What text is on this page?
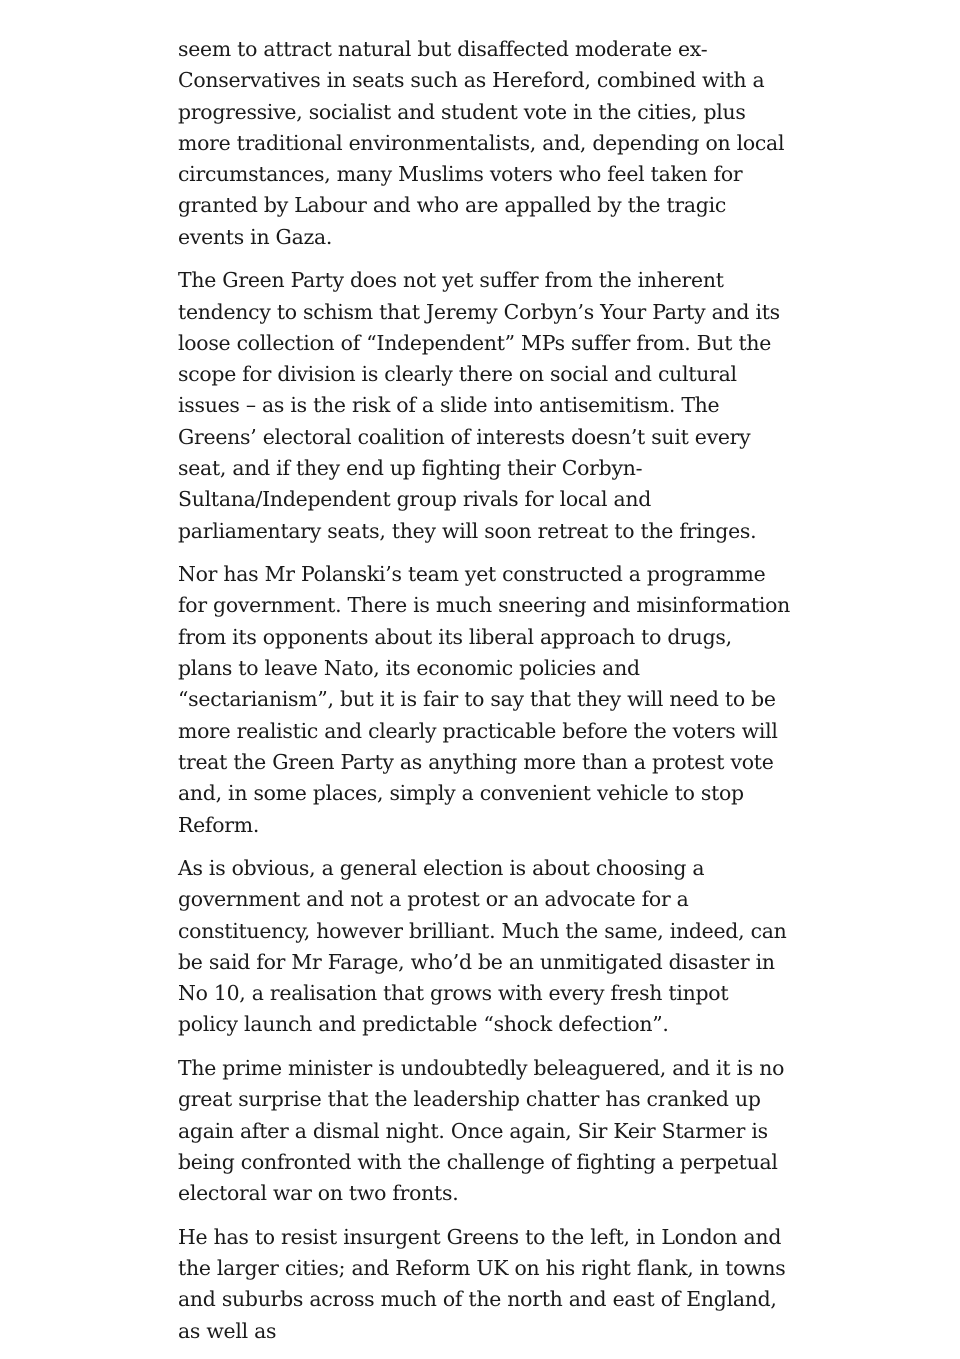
seem to attract natural but disaffected moderate ex-Conservatives in seats such as Hereford, combined with a progressive, socialist and student vote in the cities, plus more traditional environmentalists, and, depending on local circumstances, many Muslims voters who feel taken for granted by Labour and who are appalled by the tragic events in Gaza.

The Green Party does not yet suffer from the inherent tendency to schism that Jeremy Corbyn’s Your Party and its loose collection of “Independent” MPs suffer from. But the scope for division is clearly there on social and cultural issues – as is the risk of a slide into antisemitism. The Greens’ electoral coalition of interests doesn’t suit every seat, and if they end up fighting their Corbyn-Sultana/Independent group rivals for local and parliamentary seats, they will soon retreat to the fringes.

Nor has Mr Polanski’s team yet constructed a programme for government. There is much sneering and misinformation from its opponents about its liberal approach to drugs, plans to leave Nato, its economic policies and “sectarianism”, but it is fair to say that they will need to be more realistic and clearly practicable before the voters will treat the Green Party as anything more than a protest vote and, in some places, simply a convenient vehicle to stop Reform.

As is obvious, a general election is about choosing a government and not a protest or an advocate for a constituency, however brilliant. Much the same, indeed, can be said for Mr Farage, who’d be an unmitigated disaster in No 10, a realisation that grows with every fresh tinpot policy launch and predictable “shock defection”.

The prime minister is undoubtedly beleaguered, and it is no great surprise that the leadership chatter has cranked up again after a dismal night. Once again, Sir Keir Starmer is being confronted with the challenge of fighting a perpetual electoral war on two fronts.

He has to resist insurgent Greens to the left, in London and the larger cities; and Reform UK on his right flank, in towns and suburbs across much of the north and east of England, as well as
